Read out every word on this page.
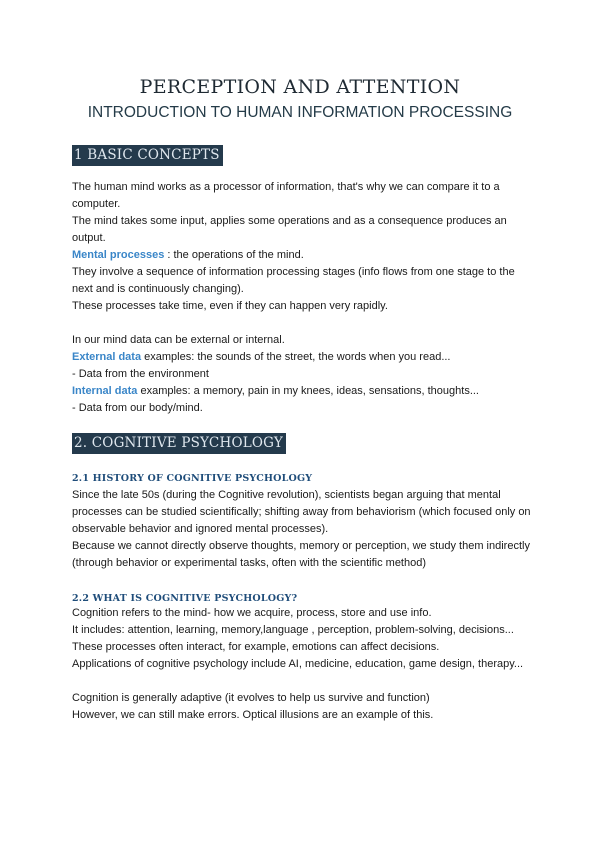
PERCEPTION AND ATTENTION
INTRODUCTION TO HUMAN INFORMATION PROCESSING
1 BASIC CONCEPTS

The human mind works as a processor of information, that's why we can compare it to a computer.

The mind takes some input, applies some operations and as a consequence produces an output.

Mental processes : the operations of the mind.

They involve a sequence of information processing stages (info flows from one stage to the next and is continuously changing).

These processes take time, even if they can happen very rapidly.

In our mind data can be external or internal.

External data examples: the sounds of the street, the words when you read...

- Data from the environment

Internal data examples: a memory, pain in my knees, ideas, sensations, thoughts...

- Data from our body/mind.

2. COGNITIVE PSYCHOLOGY
2.1 HISTORY OF COGNITIVE PSYCHOLOGY

Since the late 50s (during the Cognitive revolution), scientists began arguing that mental processes can be studied scientifically; shifting away from behaviorism (which focused only on observable behavior and ignored mental processes).

Because we cannot directly observe thoughts, memory or perception, we study them indirectly (through behavior or experimental tasks, often with the scientific method)

2.2 WHAT IS COGNITIVE PSYCHOLOGY?

Cognition refers to the mind- how we acquire, process, store and use info.

It includes: attention, learning, memory,language , perception, problem-solving, decisions...

These processes often interact, for example, emotions can affect decisions.

Applications of cognitive psychology include AI, medicine, education, game design, therapy...

Cognition is generally adaptive (it evolves to help us survive and function)

However, we can still make errors. Optical illusions are an example of this.
